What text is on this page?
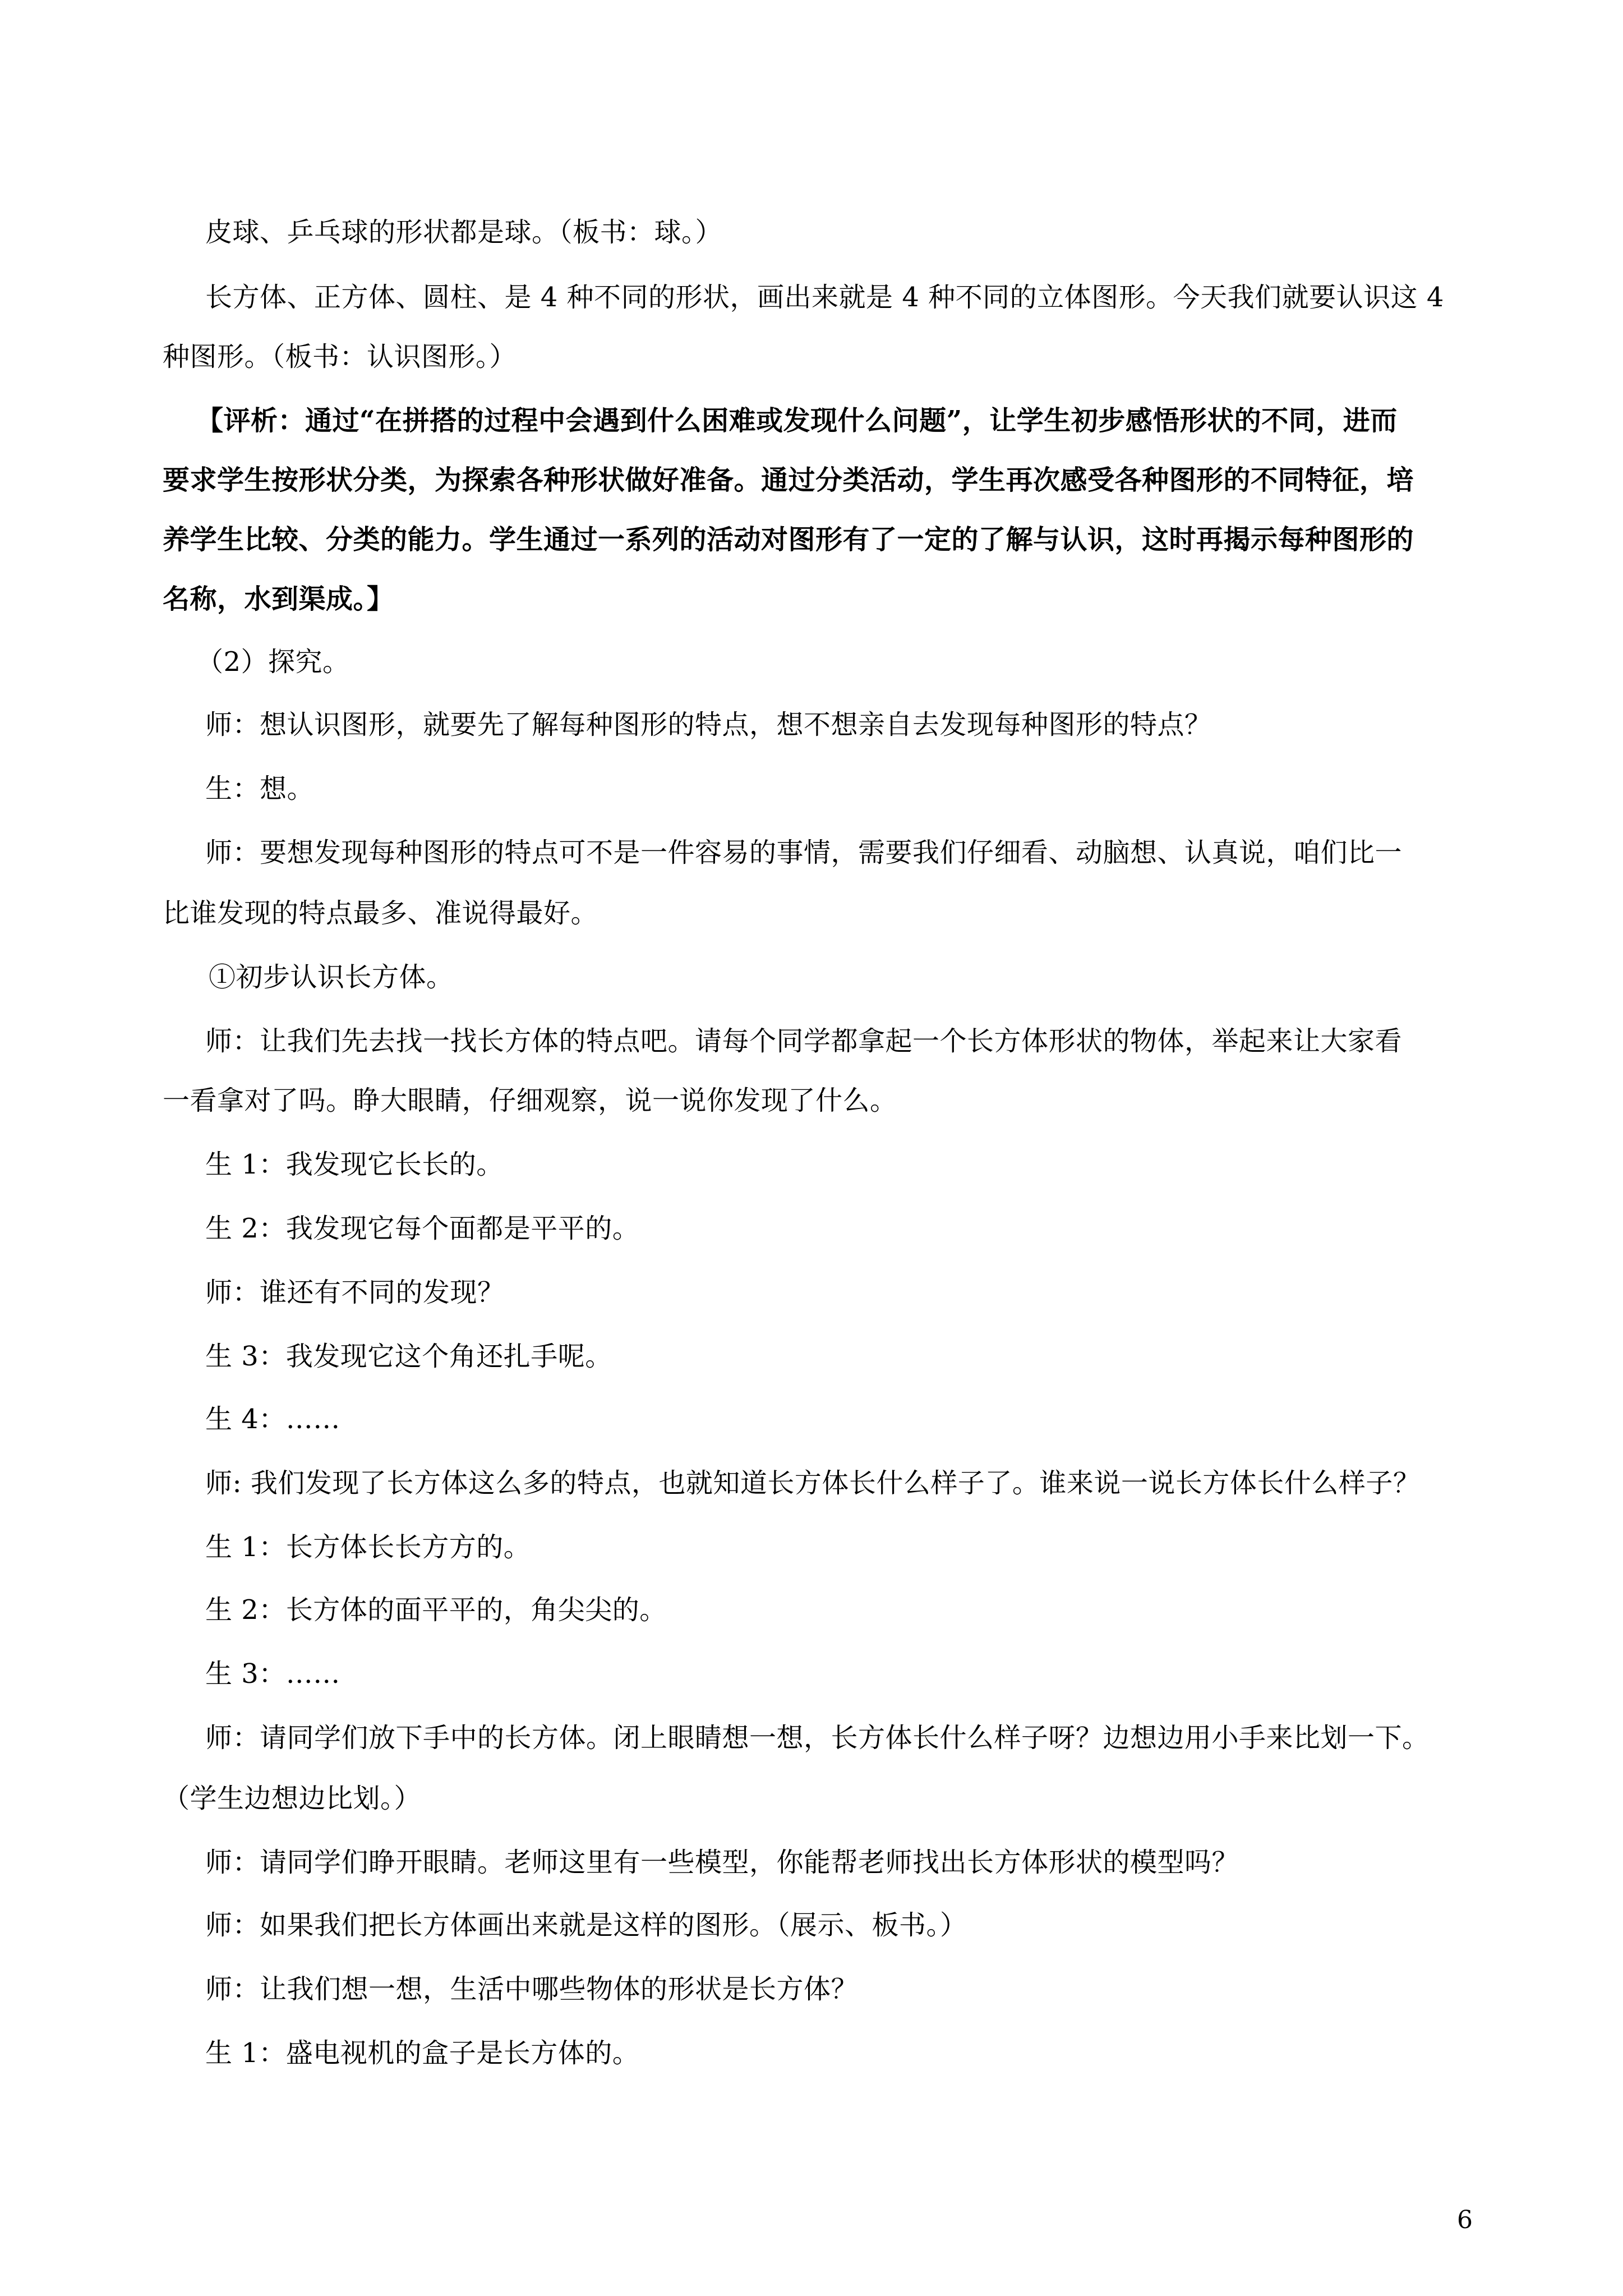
皮球、乒乓球的形状都是球。（板书：球。）
长方体、正方体、圆柱、是 4 种不同的形状，画出来就是 4 种不同的立体图形。今天我们就要认识这 4
种图形。（板书：认识图形。）
【评析：通过“在拼搭的过程中会遇到什么困难或发现什么问题”，让学生初步感悟形状的不同，进而
要求学生按形状分类，为探索各种形状做好准备。通过分类活动，学生再次感受各种图形的不同特征，培
养学生比较、分类的能力。学生通过一系列的活动对图形有了一定的了解与认识，这时再揭示每种图形的
名称，水到渠成。】
（2）探究。
师：想认识图形，就要先了解每种图形的特点，想不想亲自去发现每种图形的特点？
生：想。
师：要想发现每种图形的特点可不是一件容易的事情，需要我们仔细看、动脑想、认真说，咱们比一
比谁发现的特点最多、准说得最好。
①初步认识长方体。
师：让我们先去找一找长方体的特点吧。请每个同学都拿起一个长方体形状的物体，举起来让大家看
一看拿对了吗。睁大眼睛，仔细观察，说一说你发现了什么。
生 1：我发现它长长的。
生 2：我发现它每个面都是平平的。
师：谁还有不同的发现？
生 3：我发现它这个角还扎手呢。
生 4：……
师: 我们发现了长方体这么多的特点，也就知道长方体长什么样子了。谁来说一说长方体长什么样子？
生 1：长方体长长方方的。
生 2：长方体的面平平的，角尖尖的。
生 3：……
师：请同学们放下手中的长方体。闭上眼睛想一想，长方体长什么样子呀？边想边用小手来比划一下。
（学生边想边比划。）
师：请同学们睁开眼睛。老师这里有一些模型，你能帮老师找出长方体形状的模型吗？
师：如果我们把长方体画出来就是这样的图形。（展示、板书。）
师：让我们想一想，生活中哪些物体的形状是长方体？
生 1：盛电视机的盒子是长方体的。
6
